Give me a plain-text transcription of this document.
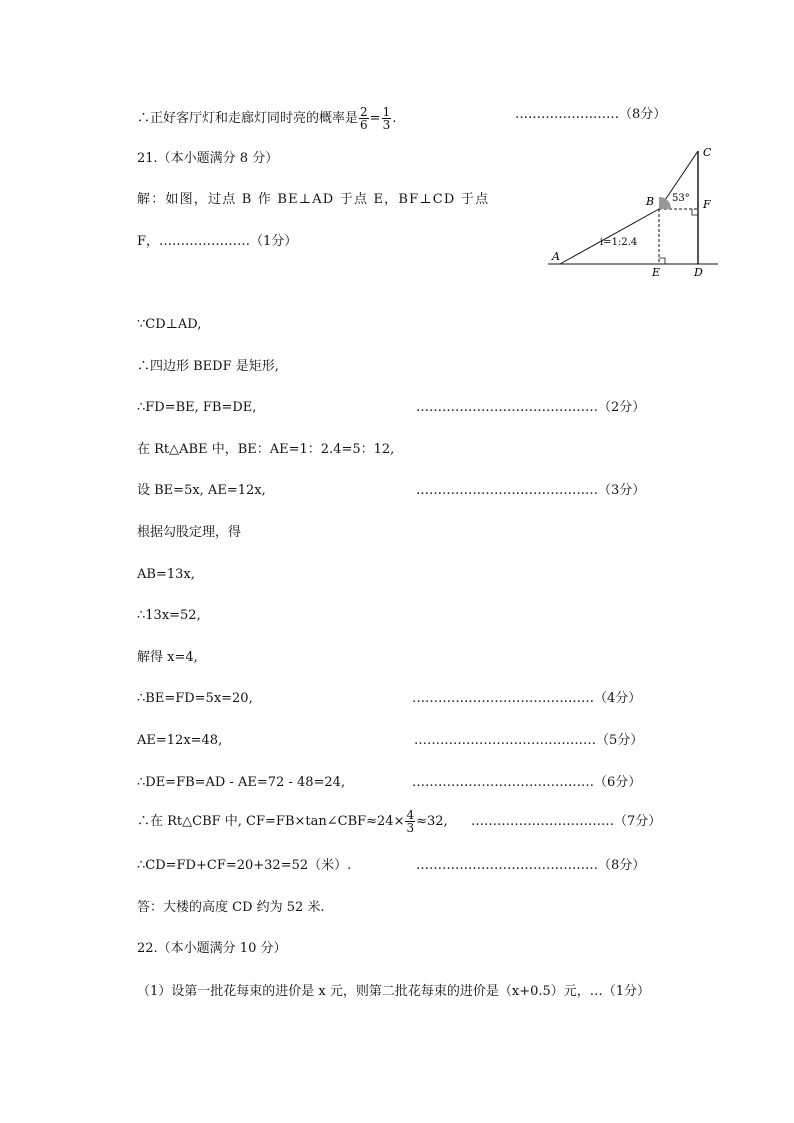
∴正好客厅灯和走廊灯同时亮的概率是 $\frac{2}{6} = \frac{1}{3}$ .	……………………（8分）
21.（本小题满分 8 分）
解：如图，过点 B 作 BE⊥AD 于点 E，BF⊥CD 于点
F，…………………（1分）
A
B
C
D
E
F
53°
i=1:2.4
∵CD⊥AD,
∴四边形 BEDF 是矩形,
∴FD=BE, FB=DE,	……………………………………（2分）
在 Rt△ABE 中，BE：AE=1：2.4=5：12,
设 BE=5x, AE=12x,	……………………………………（3分）
根据勾股定理，得
AB=13x,
∴13x=52,
解得 x=4,
∴BE=FD=5x=20,	……………………………………（4分）
AE=12x=48,	……………………………………（5分）
∴DE=FB=AD - AE=72 - 48=24,	……………………………………（6分）
∴在 Rt△CBF 中, CF=FB×tan∠CBF≈24× $\frac{4}{3} \approx 32$, ……………………………（7分）
∴CD=FD+CF=20+32=52（米）.	……………………………………（8分）
答：大楼的高度 CD 约为 52 米.
22.（本小题满分 10 分）
（1）设第一批花每束的进价是 x 元，则第二批花每束的进价是（x+0.5）元，…（1分）
